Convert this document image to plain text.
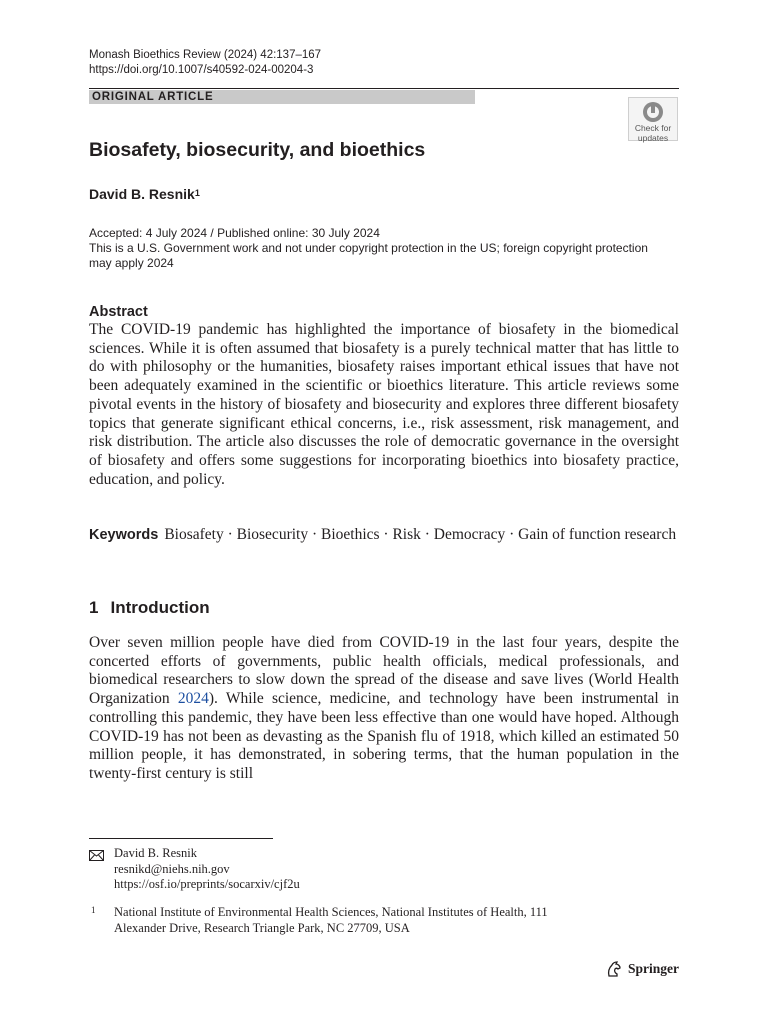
Monash Bioethics Review (2024) 42:137–167
https://doi.org/10.1007/s40592-024-00204-3
ORIGINAL ARTICLE
Check for
updates
Biosafety, biosecurity, and bioethics
David B. Resnik$^1$
Accepted: 4 July 2024 / Published online: 30 July 2024
This is a U.S. Government work and not under copyright protection in the US; foreign copyright protection
may apply 2024
Abstract
The COVID-19 pandemic has highlighted the importance of biosafety in the biomedical sciences. While it is often assumed that biosafety is a purely technical matter that has little to do with philosophy or the humanities, biosafety raises important ethical issues that have not been adequately examined in the scientific or bioethics literature. This article reviews some pivotal events in the history of biosafety and biosecurity and explores three different biosafety topics that generate significant ethical concerns, i.e., risk assessment, risk management, and risk distribution. The article also discusses the role of democratic governance in the oversight of biosafety and offers some suggestions for incorporating bioethics into biosafety practice, education, and policy.
Keywords Biosafety · Biosecurity · Bioethics · Risk · Democracy · Gain of function research
1 Introduction
Over seven million people have died from COVID-19 in the last four years, despite the concerted efforts of governments, public health officials, medical professionals, and biomedical researchers to slow down the spread of the disease and save lives (World Health Organization 2024). While science, medicine, and technology have been instrumental in controlling this pandemic, they have been less effective than one would have hoped. Although COVID-19 has not been as devasting as the Spanish flu of 1918, which killed an estimated 50 million people, it has demonstrated, in sobering terms, that the human population in the twenty-first century is still
David B. Resnik
resnikd@niehs.nih.gov
https://osf.io/preprints/socarxiv/cjf2u
1 National Institute of Environmental Health Sciences, National Institutes of Health, 111
Alexander Drive, Research Triangle Park, NC 27709, USA
Springer
